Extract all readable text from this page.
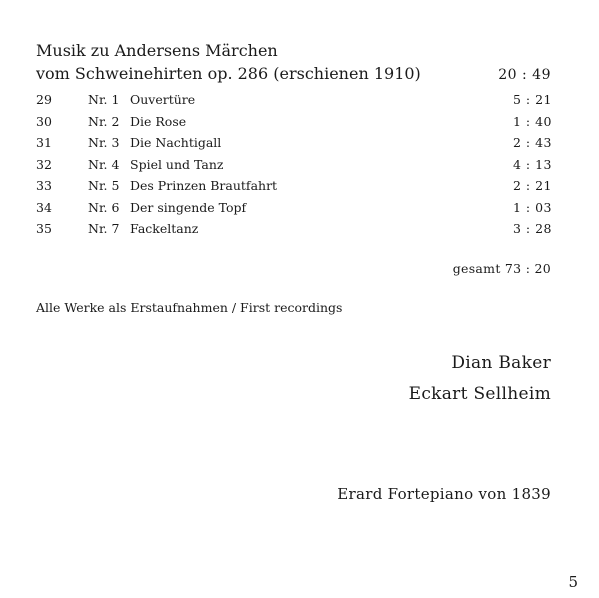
Musik zu Andersens Märchen
vom Schweinehirten op. 286 (erschienen 1910)	20 : 49
29	Nr. 1 Ouvertüre	5 : 21
30	Nr. 2 Die Rose	1 : 40
31	Nr. 3 Die Nachtigall	2 : 43
32	Nr. 4 Spiel und Tanz	4 : 13
33	Nr. 5 Des Prinzen Brautfahrt	2 : 21
34	Nr. 6 Der singende Topf	1 : 03
35	Nr. 7 Fackeltanz	3 : 28
gesamt 73 : 20
Alle Werke als Erstaufnahmen / First recordings
Dian Baker
Eckart Sellheim
Erard Fortepiano von 1839
5
